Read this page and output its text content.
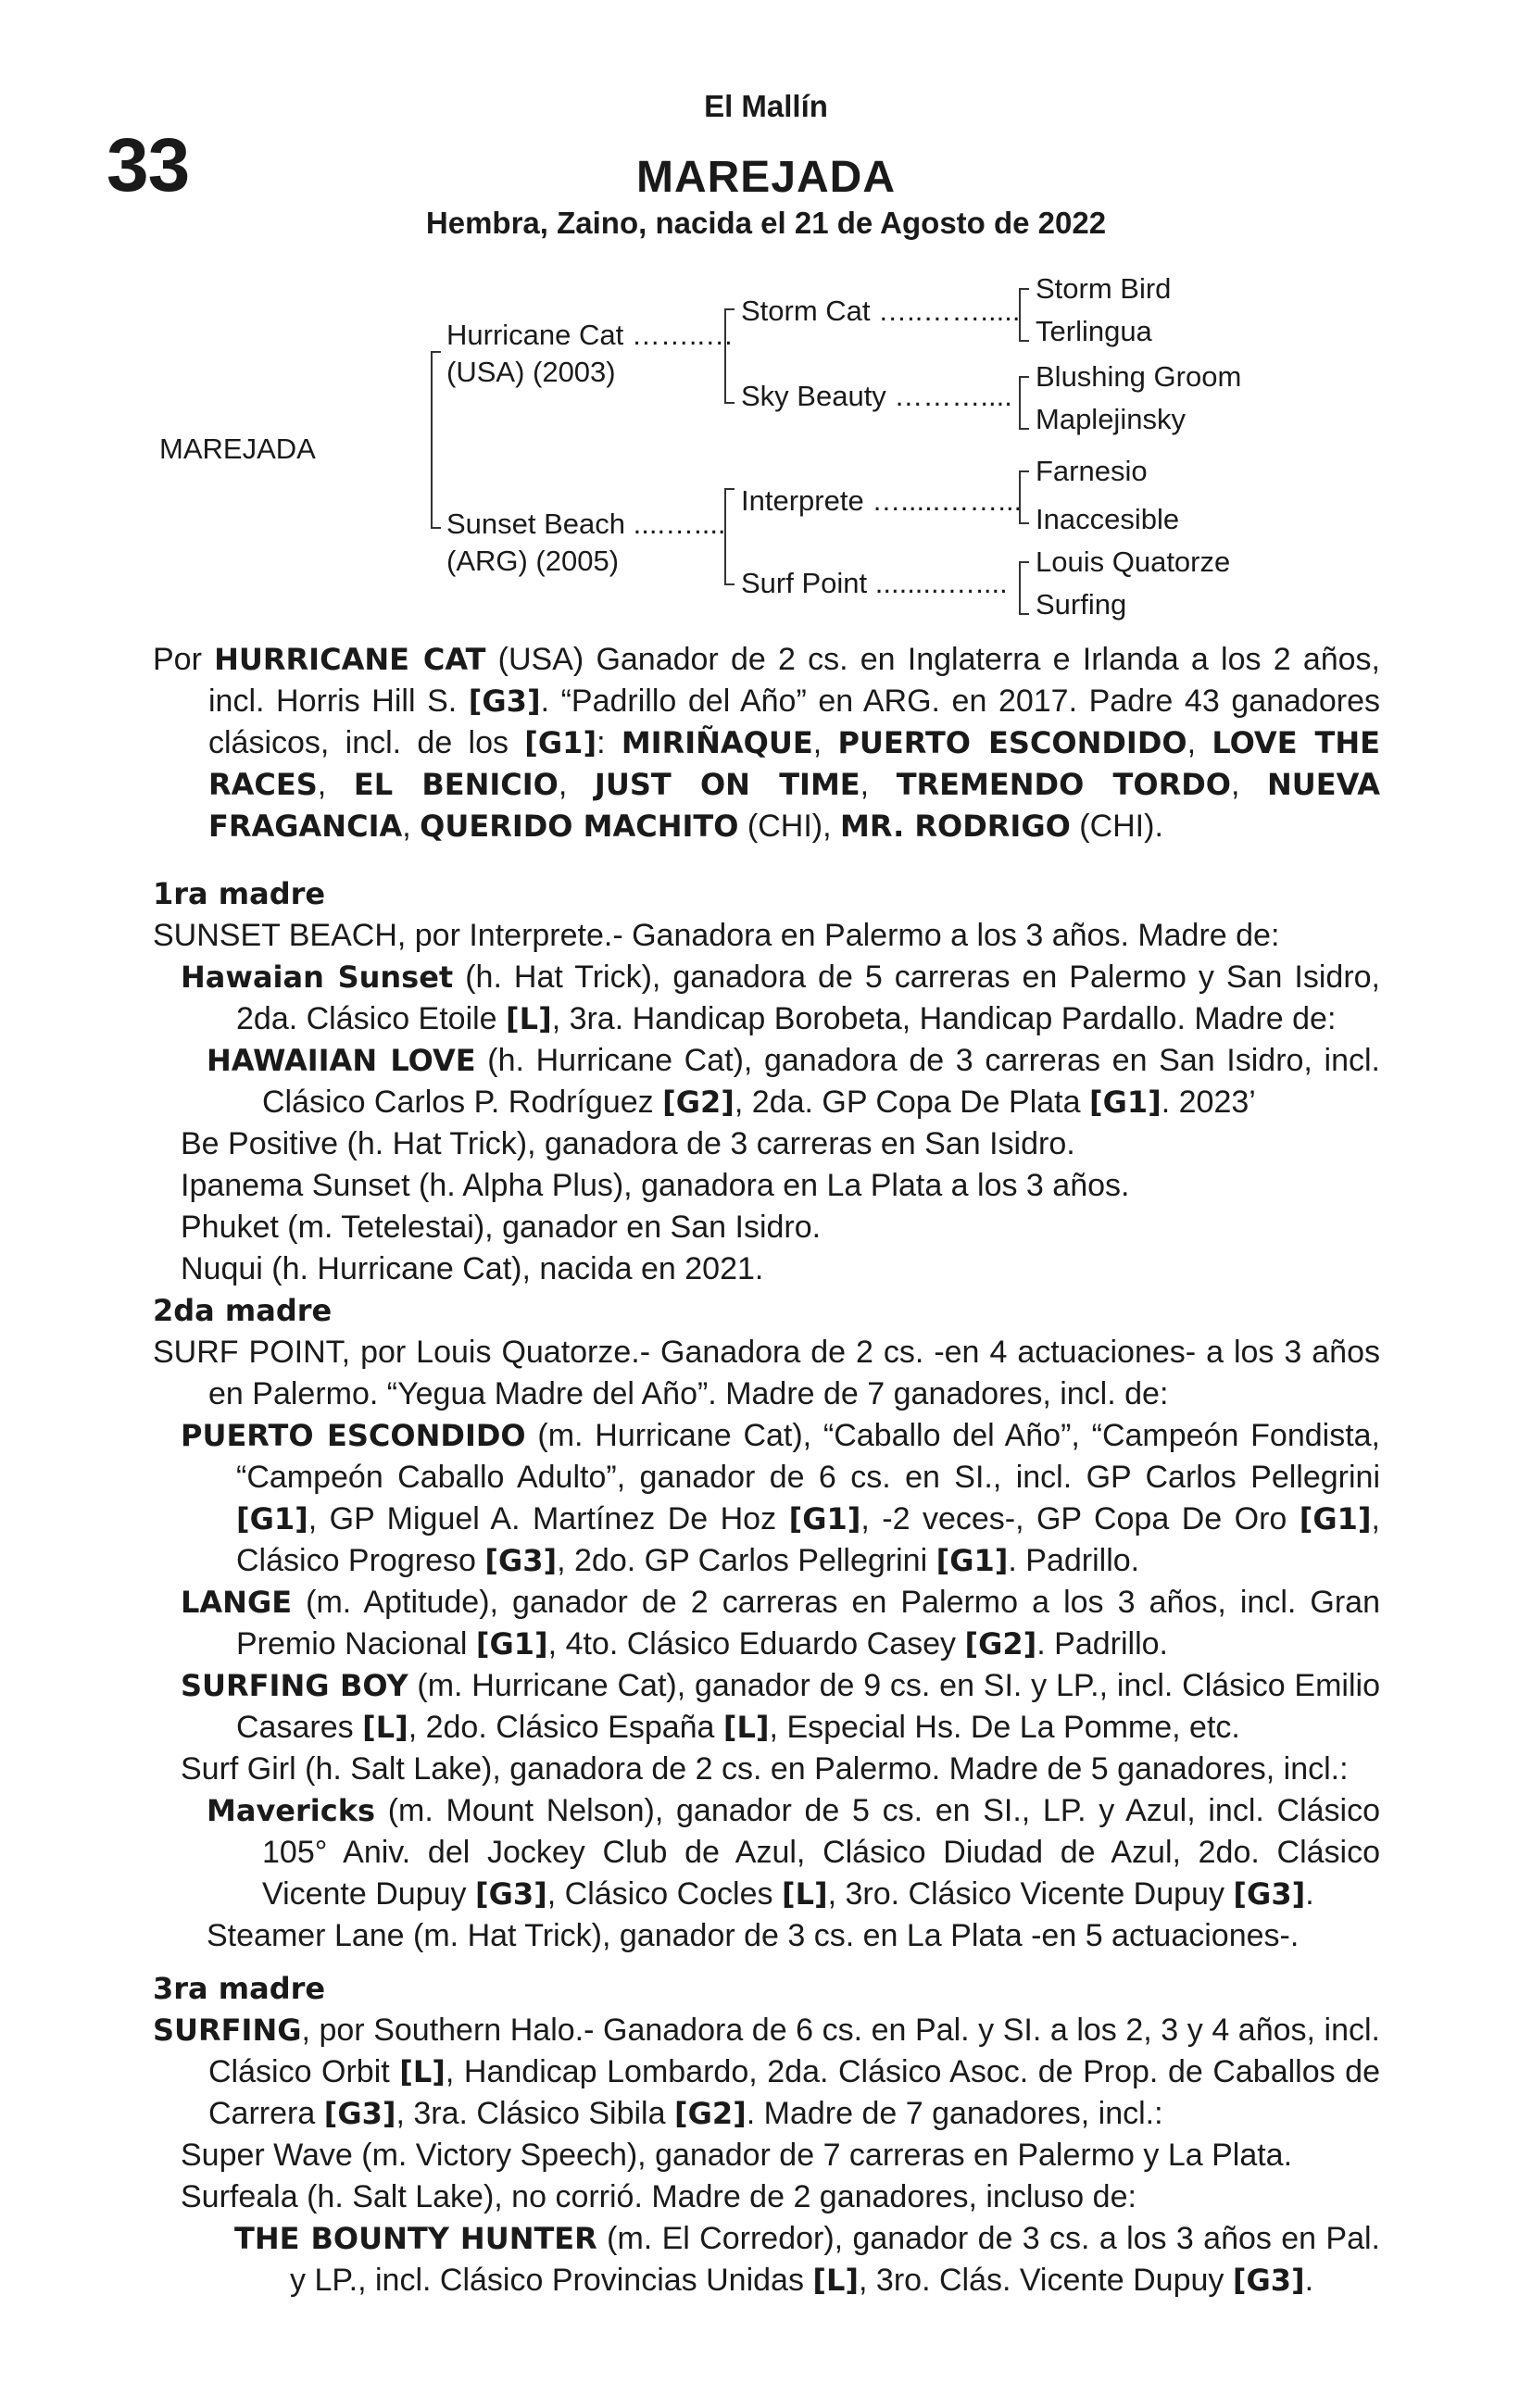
33
El Mallín
MAREJADA
Hembra, Zaino, nacida el 21 de Agosto de 2022
MAREJADA
Hurricane Cat ……..…
(USA) (2003)
Sunset Beach ....…....
(ARG) (2005)
Storm Cat …..…….....
Sky Beauty ………....
Interprete ….....……...
Surf Point .........…....
Storm Bird
Terlingua
Blushing Groom
Maplejinsky
Farnesio
Inaccesible
Louis Quatorze
Surfing
Por HURRICANE CAT (USA) Ganador de 2 cs. en Inglaterra e Irlanda a los 2 años, incl. Horris Hill S. [G3]. “Padrillo del Año” en ARG. en 2017. Padre 43 ganadores clásicos, incl. de los [G1]: MIRIÑAQUE, PUERTO ESCONDIDO, LOVE THE RACES, EL BENICIO, JUST ON TIME, TREMENDO TORDO, NUEVA FRAGANCIA, QUERIDO MACHITO (CHI), MR. RODRIGO (CHI).
1ra madre
SUNSET BEACH, por Interprete.- Ganadora en Palermo a los 3 años. Madre de:
Hawaian Sunset (h. Hat Trick), ganadora de 5 carreras en Palermo y San Isidro, 2da. Clásico Etoile [L], 3ra. Handicap Borobeta, Handicap Pardallo. Madre de:
HAWAIIAN LOVE (h. Hurricane Cat), ganadora de 3 carreras en San Isidro, incl. Clásico Carlos P. Rodríguez [G2], 2da. GP Copa De Plata [G1]. 2023’
Be Positive (h. Hat Trick), ganadora de 3 carreras en San Isidro.
Ipanema Sunset (h. Alpha Plus), ganadora en La Plata a los 3 años.
Phuket (m. Tetelestai), ganador en San Isidro.
Nuqui (h. Hurricane Cat), nacida en 2021.
2da madre
SURF POINT, por Louis Quatorze.- Ganadora de 2 cs. -en 4 actuaciones- a los 3 años en Palermo. “Yegua Madre del Año”. Madre de 7 ganadores, incl. de:
PUERTO ESCONDIDO (m. Hurricane Cat), “Caballo del Año”, “Campeón Fondista, “Campeón Caballo Adulto”, ganador de 6 cs. en SI., incl. GP Carlos Pellegrini [G1], GP Miguel A. Martínez De Hoz [G1], -2 veces-, GP Copa De Oro [G1], Clásico Progreso [G3], 2do. GP Carlos Pellegrini [G1]. Padrillo.
LANGE (m. Aptitude), ganador de 2 carreras en Palermo a los 3 años, incl. Gran Premio Nacional [G1], 4to. Clásico Eduardo Casey [G2]. Padrillo.
SURFING BOY (m. Hurricane Cat), ganador de 9 cs. en SI. y LP., incl. Clásico Emilio Casares [L], 2do. Clásico España [L], Especial Hs. De La Pomme, etc.
Surf Girl (h. Salt Lake), ganadora de 2 cs. en Palermo. Madre de 5 ganadores, incl.:
Mavericks (m. Mount Nelson), ganador de 5 cs. en SI., LP. y Azul, incl. Clásico 105° Aniv. del Jockey Club de Azul, Clásico Diudad de Azul, 2do. Clásico Vicente Dupuy [G3], Clásico Cocles [L], 3ro. Clásico Vicente Dupuy [G3].
Steamer Lane (m. Hat Trick), ganador de 3 cs. en La Plata -en 5 actuaciones-.
3ra madre
SURFING, por Southern Halo.- Ganadora de 6 cs. en Pal. y SI. a los 2, 3 y 4 años, incl. Clásico Orbit [L], Handicap Lombardo, 2da. Clásico Asoc. de Prop. de Caballos de Carrera [G3], 3ra. Clásico Sibila [G2]. Madre de 7 ganadores, incl.:
Super Wave (m. Victory Speech), ganador de 7 carreras en Palermo y La Plata.
Surfeala (h. Salt Lake), no corrió. Madre de 2 ganadores, incluso de:
THE BOUNTY HUNTER (m. El Corredor), ganador de 3 cs. a los 3 años en Pal. y LP., incl. Clásico Provincias Unidas [L], 3ro. Clás. Vicente Dupuy [G3].
